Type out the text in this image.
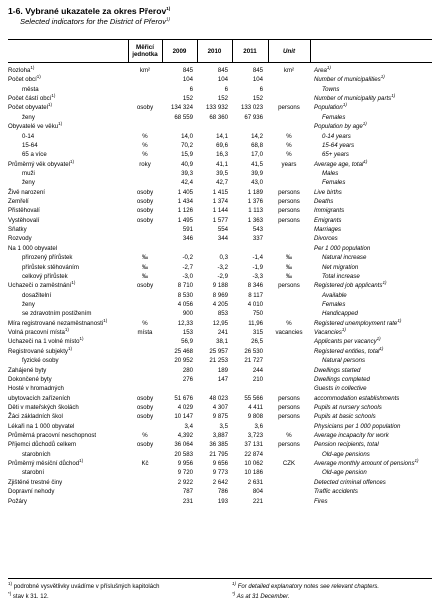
1-6. Vybrané ukazatele za okres Přerov$^{1)}$
Selected indicators for the District of Přerov$^{1)}$
Měřicí jednotka	2009	2010	2011	Unit
Rozloha$^{1)}$	km²	845	845	845	km²	Area$^{1)}$
Počet obcí$^{1)}$	104	104	104	Number of municipalities$^{1)}$
města	6	6	6	Towns
Počet částí obcí$^{1)}$	152	152	152	Number of municipality parts$^{1)}$
Počet obyvatel$^{1)}$	osoby	134 324	133 932	133 023	persons	Population$^{1)}$
ženy	68 559	68 360	67 936	Females
Obyvatelé ve věku$^{1)}$	Population by age$^{1)}$
0-14	%	14,0	14,1	14,2	%	0-14 years
15-64	%	70,2	69,6	68,8	%	15-64 years
65 a více	%	15,9	16,3	17,0	%	65+ years
Průměrný věk obyvatel$^{1)}$	roky	40,9	41,1	41,5	years	Average age, total$^{1)}$
muži	39,3	39,5	39,9	Males
ženy	42,4	42,7	43,0	Females
Živě narození	osoby	1 405	1 415	1 189	persons	Live births
Zemřelí	osoby	1 434	1 374	1 376	persons	Deaths
Přistěhovalí	osoby	1 126	1 144	1 113	persons	Immigrants
Vystěhovalí	osoby	1 495	1 577	1 363	persons	Emigrants
Sňatky	591	554	543	Marriages
Rozvody	346	344	337	Divorces
Na 1 000 obyvatel	Per 1 000 population
přirozený přírůstek	‰	-0,2	0,3	-1,4	‰	Natural increase
přírůstek stěhováním	‰	-2,7	-3,2	-1,9	‰	Net migration
celkový přírůstek	‰	-3,0	-2,9	-3,3	‰	Total increase
Uchazeči o zaměstnání$^{1)}$	osoby	8 710	9 188	8 346	persons	Registered job applicants$^{1)}$
dosažitelní	8 530	8 969	8 117	Available
ženy	4 056	4 205	4 010	Females
se zdravotním postižením	900	853	750	Handicapped
Míra registrované nezaměstnanosti$^{1)}$	%	12,33	12,95	11,96	%	Registered unemployment rate$^{1)}$
Volná pracovní místa$^{1)}$	místa	153	241	315	vacancies	Vacancies$^{1)}$
Uchazeči na 1 volné místo$^{1)}$	56,9	38,1	26,5	Applicants per vacancy$^{1)}$
Registrované subjekty$^{1)}$	25 468	25 957	26 530	Registered entities, total$^{1)}$
fyzické osoby	20 952	21 253	21 727	Natural persons
Zahájené byty	280	189	244	Dwellings started
Dokončené byty	276	147	210	Dwellings completed
Hosté v hromadných	Guests in collective
ubytovacích zařízeních	osoby	51 676	48 023	55 566	persons	accommodation establishments
Děti v mateřských školách	osoby	4 029	4 307	4 411	persons	Pupils at nursery schools
Žáci základních škol	osoby	10 147	9 875	9 808	persons	Pupils at basic schools
Lékaři na 1 000 obyvatel	3,4	3,5	3,6	Physicians per 1 000 population
Průměrná pracovní neschopnost	%	4,392	3,887	3,723	%	Average incapacity for work
Příjemci důchodů celkem	osoby	36 064	36 385	37 131	persons	Pension recipients, total
starobních	20 583	21 795	22 874	Old-age pensions
Průměrný měsíční důchod$^{1)}$	Kč	9 956	9 656	10 062	CZK	Average monthly amount of pensions$^{1)}$
starobní	9 720	9 773	10 186	Old-age pension
Zjištěné trestné činy	2 922	2 642	2 631	Detected criminal offences
Dopravní nehody	787	786	804	Traffic accidents
Požáry	231	193	221	Fires
$^{1)}$ podrobné vysvětlivky uvádíme v příslušných kapitolách
*) stav k 31. 12.
$^{1)}$ For detailed explanatory notes see relevant chapters.
*) As at 31 December.
